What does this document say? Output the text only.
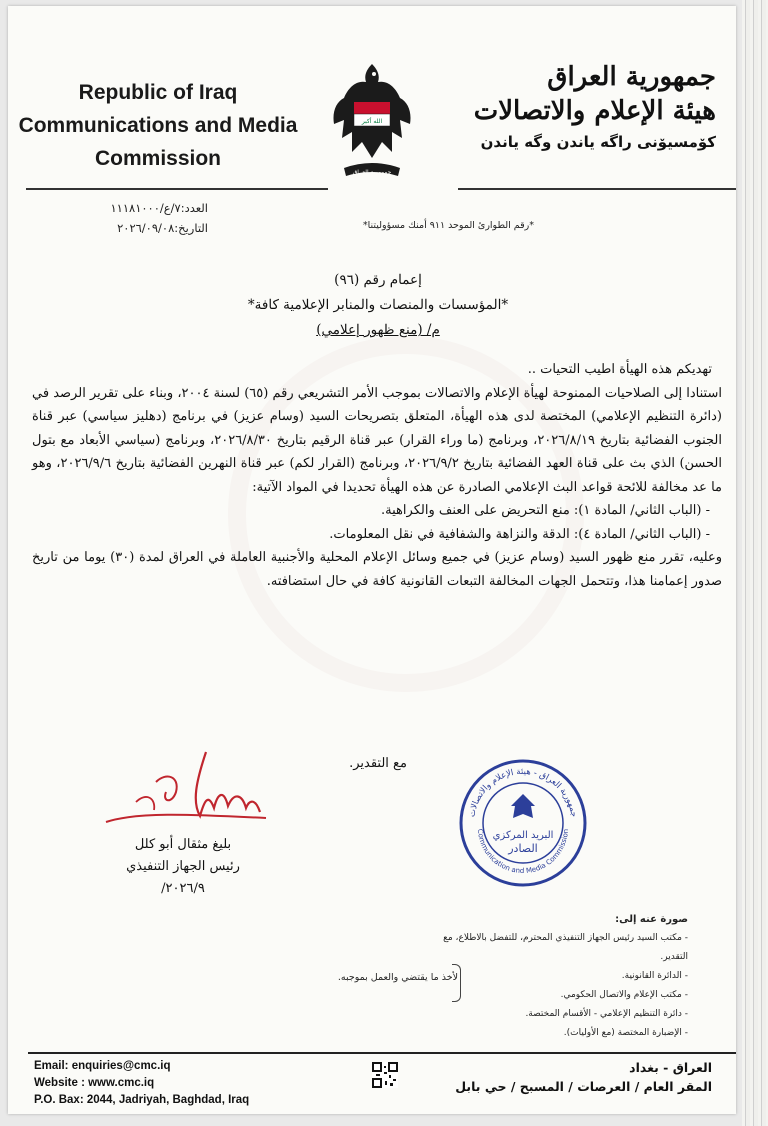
Republic of Iraq
Communications and Media
Commission
الله أكبر
جمهورية العراق
جمهورية العراق
هيئة الإعلام والاتصالات
كۆمسیۆنی راگه یاندن وگه یاندن
العدد:٧/ع/١١١٨١٠٠٠
التاريخ:٢٠٢٦/٠٩/٠٨	*رقم الطوارئ الموحد ٩١١ أمنك مسؤوليتنا*
إعمام رقم (٩٦)
*المؤسسات والمنصات والمنابر الإعلامية كافة*
م/ (منع ظهور إعلامي)

تهديكم هذه الهيأة اطيب التحيات ..

استنادا إلى الصلاحيات الممنوحة لهيأة الإعلام والاتصالات بموجب الأمر التشريعي رقم (٦٥) لسنة ٢٠٠٤، وبناء على تقرير الرصد في (دائرة التنظيم الإعلامي) المختصة لدى هذه الهيأة، المتعلق بتصريحات السيد (وسام عزيز) في برنامج (دهليز سياسي) عبر قناة الجنوب الفضائية بتاريخ ٢٠٢٦/٨/١٩، وبرنامج (ما وراء القرار) عبر قناة الرقيم بتاريخ ٢٠٢٦/٨/٣٠، وبرنامج (سياسي الأبعاد مع بتول الحسن) الذي بث على قناة العهد الفضائية بتاريخ ٢٠٢٦/٩/٢، وبرنامج (القرار لكم) عبر قناة النهرين الفضائية بتاريخ ٢٠٢٦/٩/٦، وهو ما عد مخالفة للائحة قواعد البث الإعلامي الصادرة عن هذه الهيأة تحديدا في المواد الآتية:

- (الباب الثاني/ المادة ١): منع التحريض على العنف والكراهية.
- (الباب الثاني/ المادة ٤): الدقة والنزاهة والشفافية في نقل المعلومات.

وعليه، تقرر منع ظهور السيد (وسام عزيز) في جميع وسائل الإعلام المحلية والأجنبية العاملة في العراق لمدة (٣٠) يوما من تاريخ صدور إعمامنا هذا، وتتحمل الجهات المخالفة التبعات القانونية كافة في حال استضافته.

مع التقدير.
بليغ مثقال أبو كلل
رئيس الجهاز التنفيذي
٢٠٢٦/٩/
جمهورية العراق - هيئة الإعلام والاتصالات
Communication and Media Commission
البريد المركزي
الصادر
صورة عنه إلى:
- مكتب السيد رئيس الجهاز التنفيذي المحترم، للتفضل بالاطلاع، مع التقدير.
- الدائرة القانونية.
- مكتب الإعلام والاتصال الحكومي.
- دائرة التنظيم الإعلامي - الأقسام المختصة.
- الإضبارة المختصة (مع الأوليات).
لأخذ ما يقتضي والعمل بموجبه.
Email: enquiries@cmc.iq
Website : www.cmc.iq
P.O. Bax: 2044, Jadriyah, Baghdad, Iraq
العراق - بغداد
المقر العام / العرصات / المسبح / حي بابل
